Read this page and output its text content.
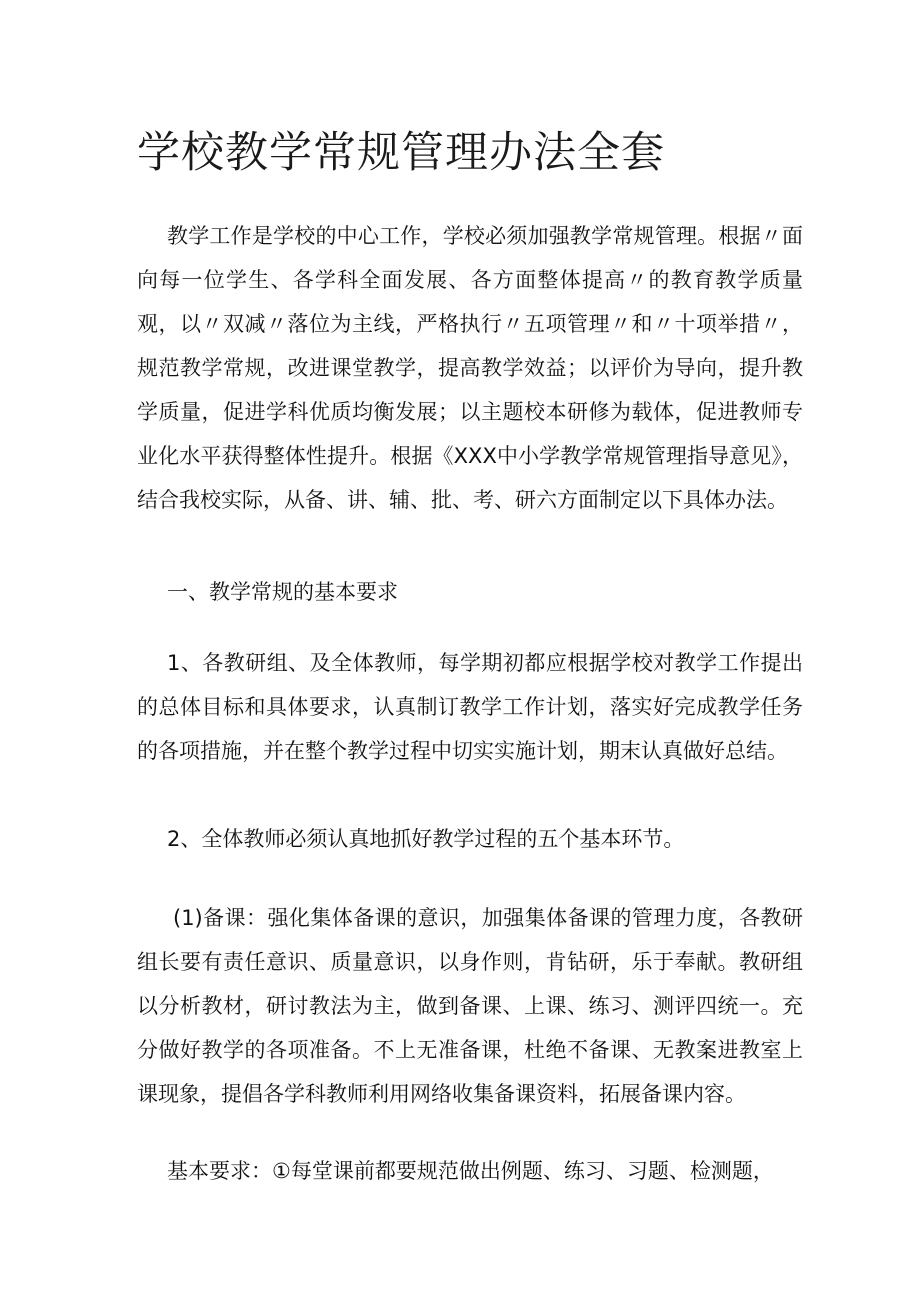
学校教学常规管理办法全套
教学工作是学校的中心工作，学校必须加强教学常规管理。根据〃面向每一位学生、各学科全面发展、各方面整体提高〃的教育教学质量观，以〃双减〃落位为主线，严格执行〃五项管理〃和〃十项举措〃，规范教学常规，改进课堂教学，提高教学效益；以评价为导向，提升教学质量，促进学科优质均衡发展；以主题校本研修为载体，促进教师专业化水平获得整体性提升。根据《XXX中小学教学常规管理指导意见》，结合我校实际，从备、讲、辅、批、考、研六方面制定以下具体办法。
一、教学常规的基本要求
1、各教研组、及全体教师，每学期初都应根据学校对教学工作提出的总体目标和具体要求，认真制订教学工作计划，落实好完成教学任务的各项措施，并在整个教学过程中切实实施计划，期末认真做好总结。
2、全体教师必须认真地抓好教学过程的五个基本环节。
(1)备课：强化集体备课的意识，加强集体备课的管理力度，各教研组长要有责任意识、质量意识，以身作则，肯钻研，乐于奉献。教研组以分析教材，研讨教法为主，做到备课、上课、练习、测评四统一。充分做好教学的各项准备。不上无准备课，杜绝不备课、无教案进教室上课现象，提倡各学科教师利用网络收集备课资料，拓展备课内容。
基本要求：①每堂课前都要规范做出例题、练习、习题、检测题，
